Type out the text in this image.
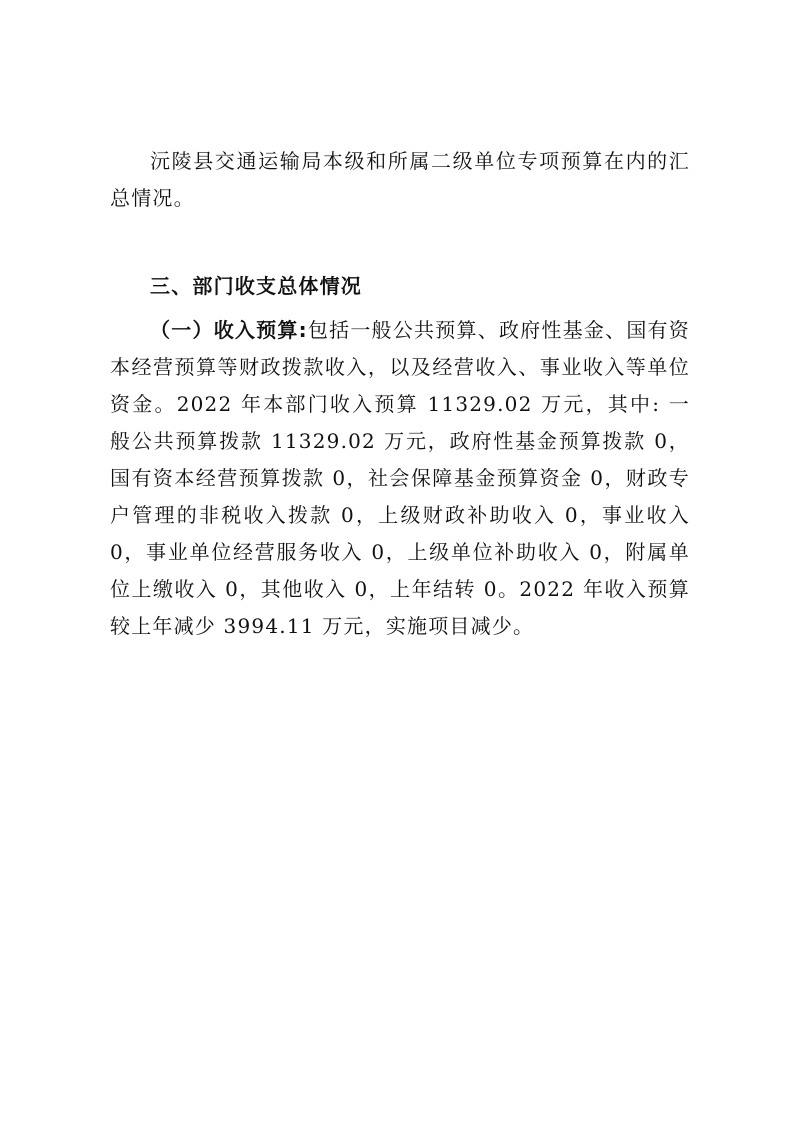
沅陵县交通运输局本级和所属二级单位专项预算在内的汇总情况。

三、部门收支总体情况

（一）收入预算:包括一般公共预算、政府性基金、国有资本经营预算等财政拨款收入，以及经营收入、事业收入等单位资金。2022 年本部门收入预算 11329.02 万元，其中: 一般公共预算拨款 11329.02 万元，政府性基金预算拨款 0，国有资本经营预算拨款 0，社会保障基金预算资金 0，财政专户管理的非税收入拨款 0，上级财政补助收入 0，事业收入 0，事业单位经营服务收入 0，上级单位补助收入 0，附属单位上缴收入 0，其他收入 0，上年结转 0。2022 年收入预算较上年减少 3994.11 万元，实施项目减少。
